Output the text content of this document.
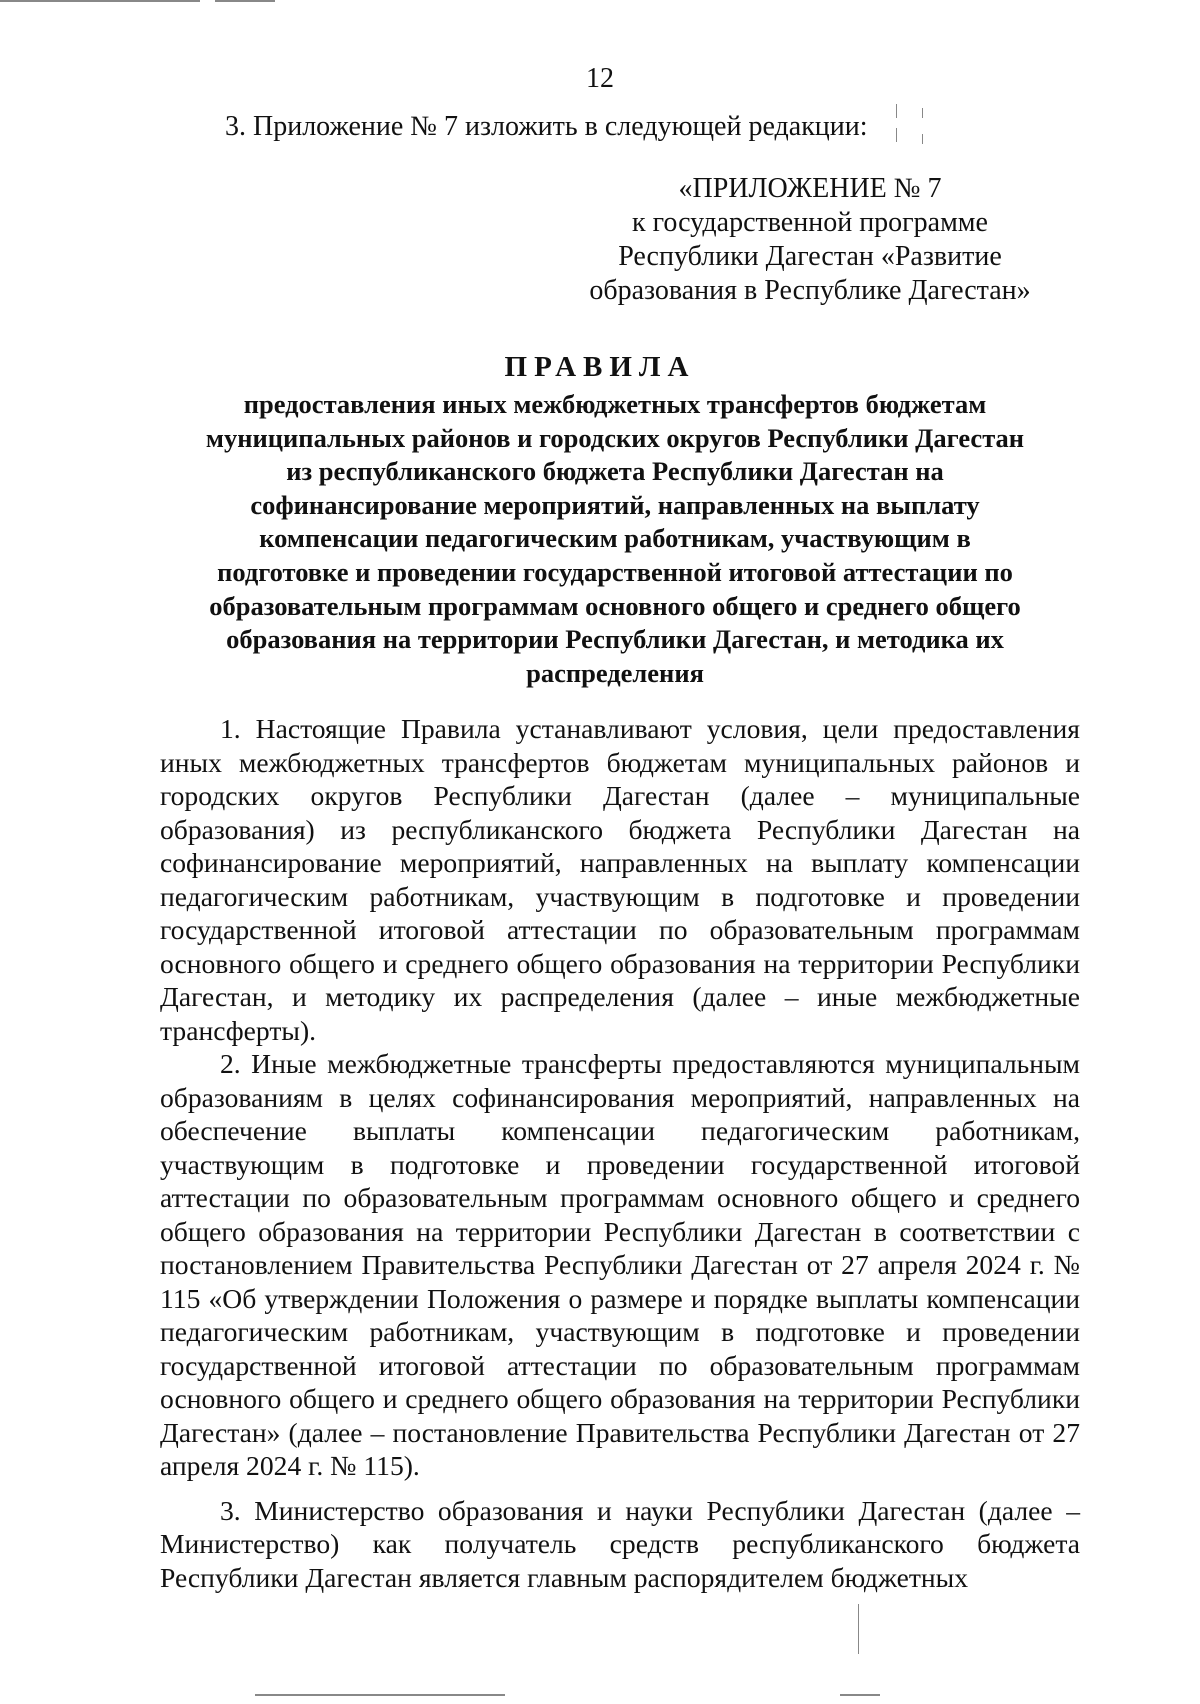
12
3. Приложение № 7 изложить в следующей редакции:
«ПРИЛОЖЕНИЕ № 7
к государственной программе
Республики Дагестан «Развитие
образования в Республике Дагестан»
ПРАВИЛА
предоставления иных межбюджетных трансфертов бюджетам
муниципальных районов и городских округов Республики Дагестан
из республиканского бюджета Республики Дагестан на
софинансирование мероприятий, направленных на выплату
компенсации педагогическим работникам, участвующим в
подготовке и проведении государственной итоговой аттестации по
образовательным программам основного общего и среднего общего
образования на территории Республики Дагестан, и методика их
распределения

1. Настоящие Правила устанавливают условия, цели предоставления иных межбюджетных трансфертов бюджетам муниципальных районов и городских округов Республики Дагестан (далее – муниципальные образования) из республиканского бюджета Республики Дагестан на софинансирование мероприятий, направленных на выплату компенсации педагогическим работникам, участвующим в подготовке и проведении государственной итоговой аттестации по образовательным программам основного общего и среднего общего образования на территории Республики Дагестан, и методику их распределения (далее – иные межбюджетные трансферты).

2. Иные межбюджетные трансферты предоставляются муниципальным образованиям в целях софинансирования мероприятий, направленных на обеспечение выплаты компенсации педагогическим работникам, участвующим в подготовке и проведении государственной итоговой аттестации по образовательным программам основного общего и среднего общего образования на территории Республики Дагестан в соответствии с постановлением Правительства Республики Дагестан от 27 апреля 2024 г. № 115 «Об утверждении Положения о размере и порядке выплаты компенсации педагогическим работникам, участвующим в подготовке и проведении государственной итоговой аттестации по образовательным программам основного общего и среднего общего образования на территории Республики Дагестан» (далее – постановление Правительства Республики Дагестан от 27 апреля 2024 г. № 115).

3. Министерство образования и науки Республики Дагестан (далее – Министерство) как получатель средств республиканского бюджета Республики Дагестан является главным распорядителем бюджетных
